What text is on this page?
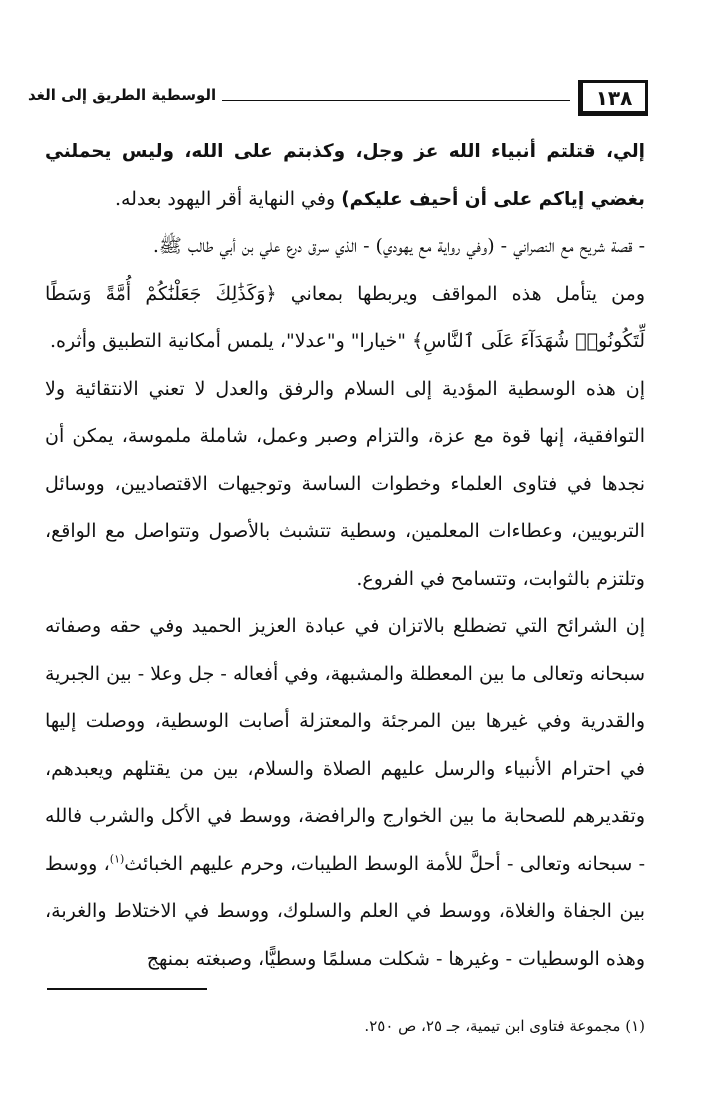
١٣٨
الوسطية الطريق إلى الغد

إلي، قتلتم أنبياء الله عز وجل، وكذبتم على الله، وليس يحملني بغضي إياكم على أن أحيف عليكم) وفي النهاية أقر اليهود بعدله.

- قصة شريح مع النصراني - (وفي رواية مع يهودي) - الذي سرق درع علي بن أبي طالب ﷺ.

ومن يتأمل هذه المواقف ويربطها بمعاني ﴿وَكَذَٰلِكَ جَعَلْنَٰكُمْ أُمَّةً وَسَطًا لِّتَكُونُوا۟ شُهَدَآءَ عَلَى ٱلنَّاسِ﴾ "خيارا" و"عدلا"، يلمس أمكانية التطبيق وأثره.

إن هذه الوسطية المؤدية إلى السلام والرفق والعدل لا تعني الانتقائية ولا التوافقية، إنها قوة مع عزة، والتزام وصبر وعمل، شاملة ملموسة، يمكن أن نجدها في فتاوى العلماء وخطوات الساسة وتوجيهات الاقتصاديين، ووسائل التربويين، وعطاءات المعلمين، وسطية تتشبث بالأصول وتتواصل مع الواقع، وتلتزم بالثوابت، وتتسامح في الفروع.

إن الشرائح التي تضطلع بالاتزان في عبادة العزيز الحميد وفي حقه وصفاته سبحانه وتعالى ما بين المعطلة والمشبهة، وفي أفعاله - جل وعلا - بين الجبرية والقدرية وفي غيرها بين المرجئة والمعتزلة أصابت الوسطية، ووصلت إليها في احترام الأنبياء والرسل عليهم الصلاة والسلام، بين من يقتلهم ويعبدهم، وتقديرهم للصحابة ما بين الخوارج والرافضة، ووسط في الأكل والشرب فالله - سبحانه وتعالى - أحلَّ للأمة الوسط الطيبات، وحرم عليهم الخبائث$^{(١)}$، ووسط بين الجفاة والغلاة، ووسط في العلم والسلوك، ووسط في الاختلاط والغربة، وهذه الوسطيات - وغيرها - شكلت مسلمًا وسطيًّا، وصبغته بمنهج

(١) مجموعة فتاوى ابن تيمية، جـ ٢٥، ص ٢٥٠.
